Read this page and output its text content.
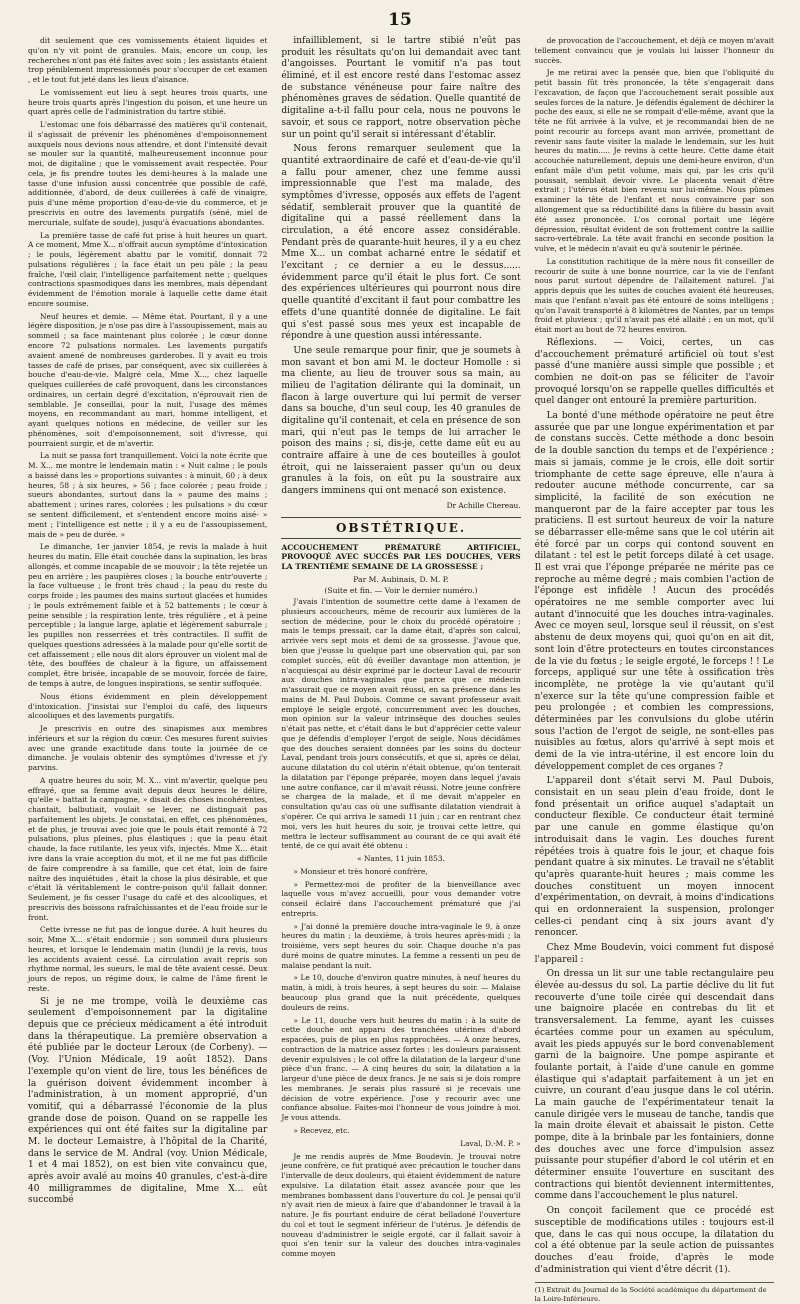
15

dit seulement que ces vomissements étaient liquides et qu'on n'y vit point de granules. Mais, encore un coup, les recherches n'ont pas été faites avec soin ; les assistants étaient trop péniblement impressionnés pour s'occuper de cet examen , et le tout fut jeté dans les lieux d'aisance.

Le vomissement eut lieu à sept heures trois quarts, une heure trois quarts après l'ingestion du poison, et une heure un quart après celle de l'administration du tartre stibié.

L'estomac une fois débarrassé des matières qu'il contenait, il s'agissait de prévenir les phénomènes d'empoisonnement auxquels nous devions nous attendre, et dont l'intensité devait se mouler sur la quantité, malheureusement inconnue pour moi, de digitaline ; que le vomissement avait respectée. Pour cela, je fis prendre toutes les demi-heures à la malade une tasse d'une infusion aussi concentrée que possible de café, additionnée, d'abord, de deux cuillerées à café de vinaigre, puis d'une même proportion d'eau-de-vie du commerce, et je prescrivis en outre des lavements purgatifs (séné, miel de mercuriale, sulfate de soude), jusqu'à évacuations abondantes.

La première tasse de café fut prise à huit heures un quart. A ce moment, Mme X... n'offrait aucun symptôme d'intoxication ; le pouls, légèrement abattu par le vomitif, donnait 72 pulsations régulières ; la face était un peu pâle ; la peau fraîche, l'œil clair, l'intelligence parfaitement nette ; quelques contractions spasmodiques dans les membres, mais dépendant évidemment de l'émotion morale à laquelle cette dame était encore soumise.

Neuf heures et demie. — Même état. Pourtant, il y a une légère disposition, je n'ose pas dire à l'assoupissement, mais au sommeil ; sa face maintenant plus colorée ; le cœur donne encore 72 pulsations normales. Les lavements purgatifs avaient amené de nombreuses garderobes. Il y avait eu trois tasses de café de prises, par conséquent, avec six cuillerées à bouche d'eau-de-vie. Malgré cela, Mme X..., chez laquelle quelques cuillerées de café provoquent, dans les circonstances ordinaires, un certain degré d'excitation, n'éprouvait rien de semblable. Je conseillai, pour la nuit, l'usage des mêmes moyens, en recommandant au mari, homme intelligent, et ayant quelques notions en médecine, de veiller sur les phénomènes, soit d'empoisonnement, soit d'ivresse, qui pourraient surgir, et de m'avertir.

La nuit se passa fort tranquillement. Voici la note écrite que M. X... me montre le lendemain matin : « Nuit calme ; le pouls a baissé dans les » proportions suivantes : à minuit, 60 ; à deux heures, 58 ; à six heures, » 56 ; face colorée ; peau froide ; sueurs abondantes, surtout dans la » paume des mains ; abattement ; urines rares, colorées ; les pulsations » du cœur se sentent difficilement, et s'entendent encore moins aisé- » ment ; l'intelligence est nette ; il y a eu de l'assoupissement, mais de » peu de durée. »

Le dimanche, 1er janvier 1854, je revis la malade à huit heures du matin. Elle était couchée dans la supination, les bras allongés, et comme incapable de se mouvoir ; la tête rejetée un peu en arrière ; les paupières closes ; la bouche entr'ouverte ; la face vultueuse ; le front très chaud ; la peau du reste du corps froide ; les paumes des mains surtout glacées et humides ; le pouls extrêmement faible et à 52 battements ; le cœur à peine sensible ; la respiration lente, très régulière , et à peine perceptible ; la langue large, aplatie et légèrement saburrale ; les pupilles non resserrées et très contractiles. Il suffit de quelques questions adressées à la malade pour qu'elle sortit de cet affaissement ; elle nous dit alors éprouver un violent mal de tête, des bouffées de chaleur à la figure, un affaissement complet, être brisée, incapable de se mouvoir, forcée de faire, de temps à autre, de longues inspirations, se sentir suffoquée.

Nous étions évidemment en plein développement d'intoxication. J'insistai sur l'emploi du café, des liqueurs alcooliques et des lavements purgatifs.

Je prescrivis en outre des sinapismes aux membres inférieurs et sur la région du cœur. Ces mesures furent suivies avec une grande exactitude dans toute la journée de ce dimanche. Je voulais obtenir des symptômes d'ivresse et j'y parvins.

A quatre heures du soir, M. X... vint m'avertir, quelque peu effrayé, que sa femme avait depuis deux heures le délire, qu'elle « battait la campagne, » disait des choses incohérentes, chantait, balbutiait, voulait se lever, ne distinguait pas parfaitement les objets. Je constatai, en effet, ces phénomènes, et de plus, je trouvai avec joie que le pouls était remonté à 72 pulsations, plus pleines, plus élastiques ; que la peau était chaude, la face rutilante, les yeux vifs, injectés. Mme X... était ivre dans la vraie acception du mot, et il ne me fut pas difficile de faire comprendre à sa famille, que cet état, loin de faire naître des inquiétudes , était la chose la plus désirable, et que c'était là véritablement le contre-poison qu'il fallait donner. Seulement, je fis cesser l'usage du café et des alcooliques, et prescrivis des boissons rafraîchissantes et de l'eau froide sur le front.

Cette ivresse ne fut pas de longue durée. A huit heures du soir, Mme X... s'était endormie ; son sommeil dura plusieurs heures, et lorsque le lendemain matin (lundi) je la revis, tous les accidents avaient cessé. La circulation avait repris son rhythme normal, les sueurs, le mal de tête avaient cessé. Deux jours de repos, un régime doux, le calme de l'âme firent le reste.

Si je ne me trompe, voilà le deuxième cas seulement d'empoisonnement par la digitaline depuis que ce précieux médicament a été introduit dans la thérapeutique. La première observation a été publiée par le docteur Leroux (de Corbeny). — (Voy. l'Union Médicale, 19 août 1852). Dans l'exemple qu'on vient de lire, tous les bénéfices de la guérison doivent évidemment incomber à l'administration, à un moment approprié, d'un vomitif, qui a débarrassé l'économie de la plus grande dose de poison. Quand on se rappelle les expériences qui ont été faites sur la digitaline par M. le docteur Lemaistre, à l'hôpital de la Charité, dans le service de M. Andral (voy. Union Médicale, 1 et 4 mai 1852), on est bien vite convaincu que, après avoir avalé au moins 40 granules, c'est-à-dire 40 milligrammes de digitaline, Mme X... eût succombé

infailliblement, si le tartre stibié n'eût pas produit les résultats qu'on lui demandait avec tant d'angoisses. Pourtant le vomitif n'a pas tout éliminé, et il est encore resté dans l'estomac assez de substance vénéneuse pour faire naître des phénomènes graves de sédation. Quelle quantité de digitaline a-t-il fallu pour cela, nous ne pouvons le savoir, et sous ce rapport, notre observation pèche sur un point qu'il serait si intéressant d'établir.

Nous ferons remarquer seulement que la quantité extraordinaire de café et d'eau-de-vie qu'il a fallu pour amener, chez une femme aussi impressionnable que l'est ma malade, des symptômes d'ivresse, opposés aux effets de l'agent sédatif, semblerait prouver que la quantité de digitaline qui a passé réellement dans la circulation, a été encore assez considérable. Pendant près de quarante-huit heures, il y a eu chez Mme X... un combat acharné entre le sédatif et l'excitant ; ce dernier a eu le dessus...... évidemment parce qu'il était le plus fort. Ce sont des expériences ultérieures qui pourront nous dire quelle quantité d'excitant il faut pour combattre les effets d'une quantité donnée de digitaline. Le fait qui s'est passé sous mes yeux est incapable de répondre à une question aussi intéressante.

Une seule remarque pour finir, que je soumets à mon savant et bon ami M. le docteur Homolle : si ma cliente, au lieu de trouver sous sa main, au milieu de l'agitation délirante qui la dominait, un flacon à large ouverture qui lui permit de verser dans sa bouche, d'un seul coup, les 40 granules de digitaline qu'il contenait, et cela en présence de son mari, qui n'eut pas le temps de lui arracher le poison des mains ; si, dis-je, cette dame eût eu au contraire affaire à une de ces bouteilles à goulot étroit, qui ne laisseraient passer qu'un ou deux granules à la fois, on eût pu la soustraire aux dangers imminens qui ont menacé son existence.

Dr Achille Chereau.

OBSTÉTRIQUE.
ACCOUCHEMENT PRÉMATURÉ ARTIFICIEL, PROVOQUÉ AVEC SUCCÈS PAR LES DOUCHES, VERS LA TRENTIÈME SEMAINE DE LA GROSSESSE ;
Par M. Aubinais, D. M. P.
(Suite et fin. — Voir le dernier numéro.)

J'avais l'intention de soumettre cette dame à l'examen de plusieurs accoucheurs, même de recourir aux lumières de la section de médecine, pour le choix du procédé opératoire ; mais le temps pressait, car la dame était, d'après son calcul, arrivée vers sept mois et demi de sa grossesse. J'avoue que, bien que j'eusse lu quelque part une observation qui, par son complet succès, eût dû éveiller davantage mon attention, je n'acquiesçai au désir exprimé par le docteur Laval de recourir aux douches intra-vaginales que parce que ce médecin m'assurait que ce moyen avait réussi, en sa présence dans les mains de M. Paul Dubois. Comme ce savant professeur avait employé le seigle ergoté, concurremment avec les douches, mon opinion sur la valeur intrinsèque des douches seules n'était pas nette, et c'était dans le but d'apprécier cette valeur que je défendis d'employer l'ergot de seigle. Nous décidâmes que des douches seraient données par les soins du docteur Laval, pendant trois jours consécutifs, et que si, après ce délai, aucune dilatation du col utérin n'était obtenue, qu'on tenterait la dilatation par l'éponge préparée, moyen dans lequel j'avais une autre confiance, car il m'avait réussi. Notre jeune confrère se chargea de la malade, et il me devait m'appeler en consultation qu'au cas où une suffisante dilatation viendrait à s'opérer. Ce qui arriva le samedi 11 juin ; car en rentrant chez moi, vers les huit heures du soir, je trouvai cette lettre, qui mettra le lecteur suffisamment au courant de ce qui avait été tenté, de ce qui avait été obtenu :

« Nantes, 11 juin 1853.

» Monsieur et très honoré confrère,

» Permettez-moi de profiter de la bienveillance avec laquelle vous m'avez accueilli, pour vous demander votre conseil éclairé dans l'accouchement prématuré que j'ai entrepris.

» J'ai donné la première douche intra-vaginale le 9, à onze heures du matin ; la deuxième, à trois heures après-midi ; la troisième, vers sept heures du soir. Chaque douche n'a pas duré moins de quatre minutes. La femme a ressenti un peu de malaise pendant la nuit.

» Le 10, douche d'environ quatre minutes, à neuf heures du matin, à midi, à trois heures, à sept heures du soir. — Malaise beaucoup plus grand que la nuit précédente, quelques douleurs de reins.

» Le 11, douche vers huit heures du matin : à la suite de cette douche ont apparu des tranchées utérines d'abord espacées, puis de plus en plus rapprochées. — A onze heures, contraction de la matrice assez fortes : les douleurs paraissent devenir expulsives ; le col offre la dilatation de la largeur d'une pièce d'un franc. — A cinq heures du soir, la dilatation a la largeur d'une pièce de deux francs. Je ne sais si je dois rompre les membranes. Je serais plus rassuré si je recevais une décision de votre expérience. J'ose y recourir avec une confiance absolue. Faites-moi l'honneur de vous joindre à moi. Je vous attends.

» Recevez, etc.

Laval, D.-M. P. »

Je me rendis auprès de Mme Boudevin. Je trouvai notre jeune confrère, ce fut pratiqué avec précaution le toucher dans l'intervalle de deux douleurs, qui étaient évidemment de nature expulsive. La dilatation était assez avancée pour que les membranes bombassent dans l'ouverture du col. Je pensai qu'il n'y avait rien de mieux à faire que d'abandonner le travail à la nature. Je fis pourtant enduire de cérat belladoné l'ouverture du col et tout le segment inférieur de l'utérus. Je défendis de nouveau d'administrer le seigle ergoté, car il fallait savoir à quoi s'en tenir sur la valeur des douches intra-vaginales comme moyen

de provocation de l'accouchement, et déjà ce moyen m'avait tellement convaincu que je voulais lui laisser l'honneur du succès.

Je me retirai avec la pensée que, bien que l'obliquité du petit bassin fût très prononcée, la tête s'engagerait dans l'excavation, de façon que l'accouchement serait possible aux seules forces de la nature. Je défendis également de déchirer la poche des eaux, si elle ne se rompait d'elle-même, avant que la tête ne fût arrivée à la vulve, et je recommandai bien de ne point recourir au forceps avant mon arrivée, promettant de revenir sans faute visiter la malade le lendemain, sur les huit heures du matin..... Je revins à cette heure. Cette dame était accouchée naturellement, depuis une demi-heure environ, d'un enfant mâle d'un petit volume, mais qui, par les cris qu'il poussait, semblait devoir vivre. Le placenta venait d'être extrait ; l'utérus était bien revenu sur lui-même. Nous pûmes examiner la tête de l'enfant et nous convaincre par son allongement que sa réductibilité dans la filière du bassin avait été assez prononcée. L'os coronal portait une légère dépression, résultat évident de son frottement contre la saillie sacro-vertébrale. La tête avait franchi en seconde position la vulve, et le médecin n'avait eu qu'à soutenir le périnée.

La constitution rachitique de la mère nous fit conseiller de recourir de suite à une bonne nourrice, car la vie de l'enfant nous parut surtout dépendre de l'allaitement naturel. J'ai appris depuis que les suites de couches avaient été heureuses, mais que l'enfant n'avait pas été entouré de soins intelligens ; qu'on l'avait transporté à 8 kilomètres de Nantes, par un temps froid et pluvieux ; qu'il n'avait pas été allaité ; en un mot, qu'il était mort au bout de 72 heures environ.

Réflexions. — Voici, certes, un cas d'accouchement prématuré artificiel où tout s'est passé d'une manière aussi simple que possible ; et combien ne doit-on pas se féliciter de l'avoir provoqué lorsqu'on se rappelle quelles difficultés et quel danger ont entouré la première parturition.

La bonté d'une méthode opératoire ne peut être assurée que par une longue expérimentation et par de constans succès. Cette méthode a donc besoin de la double sanction du temps et de l'expérience ; mais si jamais, comme je le crois, elle doit sortir triomphante de cette sage épreuve, elle n'aura à redouter aucune méthode concurrente, car sa simplicité, la facilité de son exécution ne manqueront par de la faire accepter par tous les praticiens. Il est surtout heureux de voir la nature se débarrasser elle-même sans que le col utérin ait été forcé par un corps qui contond souvent en dilatant : tel est le petit forceps dilaté à cet usage. Il est vrai que l'éponge préparée ne mérite pas ce reproche au même degré ; mais combien l'action de l'éponge est infidèle ! Aucun des procédés opératoires ne me semble comporter avec lui autant d'innocuité que les douches intra-vaginales. Avec ce moyen seul, lorsque seul il réussit, on s'est abstenu de deux moyens qui, quoi qu'on en ait dit, sont loin d'être protecteurs en toutes circonstances de la vie du fœtus ; le seigle ergoté, le forceps ! ! Le forceps, appliqué sur une tête à ossification très incomplète, ne protège la vie qu'autant qu'il n'exerce sur la tête qu'une compression faible et peu prolongée ; et combien les compressions, déterminées par les convulsions du globe utérin sous l'action de l'ergot de seigle, ne sont-elles pas nuisibles au fœtus, alors qu'arrivé à sept mois et demi de la vie intra-utérine, il est encore loin du développement complet de ces organes ?

L'appareil dont s'était servi M. Paul Dubois, consistait en un seau plein d'eau froide, dont le fond présentait un orifice auquel s'adaptait un conducteur flexible. Ce conducteur était terminé par une canule en gomme élastique qu'on introduisait dans le vagin. Les douches furent répétées trois à quatre fois le jour, et chaque fois pendant quatre à six minutes. Le travail ne s'établit qu'après quarante-huit heures ; mais comme les douches constituent un moyen innocent d'expérimentation, on devrait, à moins d'indications qui en ordonneraient la suspension, prolonger celles-ci pendant cinq à six jours avant d'y renoncer.

Chez Mme Boudevin, voici comment fut disposé l'appareil :

On dressa un lit sur une table rectangulaire peu élevée au-dessus du sol. La partie déclive du lit fut recouverte d'une toile cirée qui descendait dans une baignoire placée en contrebas du lit et transversalement. La femme, ayant les cuisses écartées comme pour un examen au spéculum, avait les pieds appuyés sur le bord convenablement garni de la baignoire. Une pompe aspirante et foulante portait, à l'aide d'une canule en gomme élastique qui s'adaptait parfaitement à un jet en cuivre, un courant d'eau jusque dans le col utérin. La main gauche de l'expérimentateur tenait la canule dirigée vers le museau de tanche, tandis que la main droite élevait et abaissait le piston. Cette pompe, dite à la brinbale par les fontainiers, donne des douches avec une force d'impulsion assez puissante pour stupéfier d'abord le col utérin et en déterminer ensuite l'ouverture en suscitant des contractions qui bientôt deviennent intermittentes, comme dans l'accouchement le plus naturel.

On conçoit facilement que ce procédé est susceptible de modifications utiles : toujours est-il que, dans le cas qui nous occupe, la dilatation du col a été obtenue par la seule action de puissantes douches d'eau froide, d'après le mode d'administration qui vient d'être décrit (1).

(1) Extrait du Journal de la Société académique du département de la Loire-Inférieure.
